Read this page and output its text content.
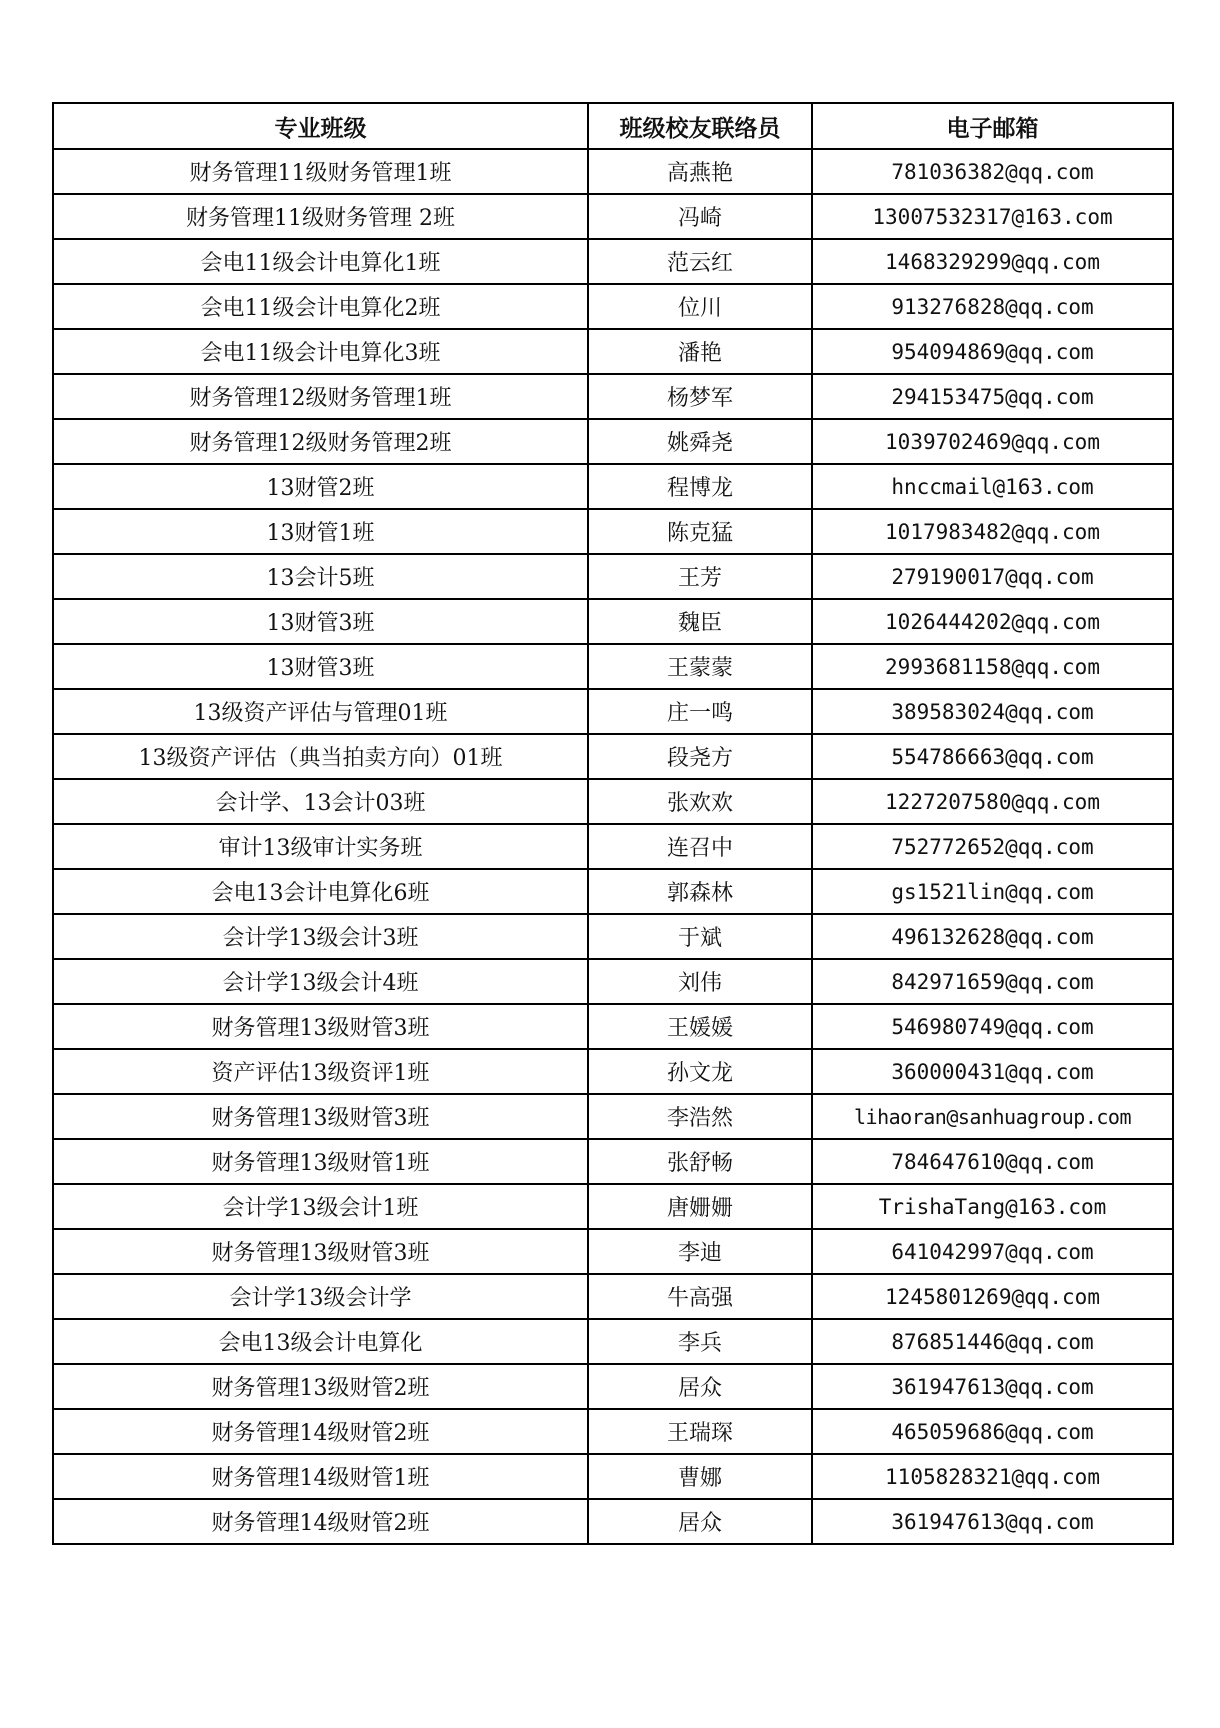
专业班级	班级校友联络员	电子邮箱
财务管理11级财务管理1班	高燕艳	781036382@qq.com
财务管理11级财务管理 2班	冯崎	13007532317@163.com
会电11级会计电算化1班	范云红	1468329299@qq.com
会电11级会计电算化2班	位川	913276828@qq.com
会电11级会计电算化3班	潘艳	954094869@qq.com
财务管理12级财务管理1班	杨梦军	294153475@qq.com
财务管理12级财务管理2班	姚舜尧	1039702469@qq.com
13财管2班	程博龙	hnccmail@163.com
13财管1班	陈克猛	1017983482@qq.com
13会计5班	王芳	279190017@qq.com
13财管3班	魏臣	1026444202@qq.com
13财管3班	王蒙蒙	2993681158@qq.com
13级资产评估与管理01班	庄一鸣	389583024@qq.com
13级资产评估（典当拍卖方向）01班	段尧方	554786663@qq.com
会计学、13会计03班	张欢欢	1227207580@qq.com
审计13级审计实务班	连召中	752772652@qq.com
会电13会计电算化6班	郭森林	gs1521lin@qq.com
会计学13级会计3班	于斌	496132628@qq.com
会计学13级会计4班	刘伟	842971659@qq.com
财务管理13级财管3班	王媛媛	546980749@qq.com
资产评估13级资评1班	孙文龙	360000431@qq.com
财务管理13级财管3班	李浩然	lihaoran@sanhuagroup.com
财务管理13级财管1班	张舒畅	784647610@qq.com
会计学13级会计1班	唐姗姗	TrishaTang@163.com
财务管理13级财管3班	李迪	641042997@qq.com
会计学13级会计学	牛高强	1245801269@qq.com
会电13级会计电算化	李兵	876851446@qq.com
财务管理13级财管2班	居众	361947613@qq.com
财务管理14级财管2班	王瑞琛	465059686@qq.com
财务管理14级财管1班	曹娜	1105828321@qq.com
财务管理14级财管2班	居众	361947613@qq.com
